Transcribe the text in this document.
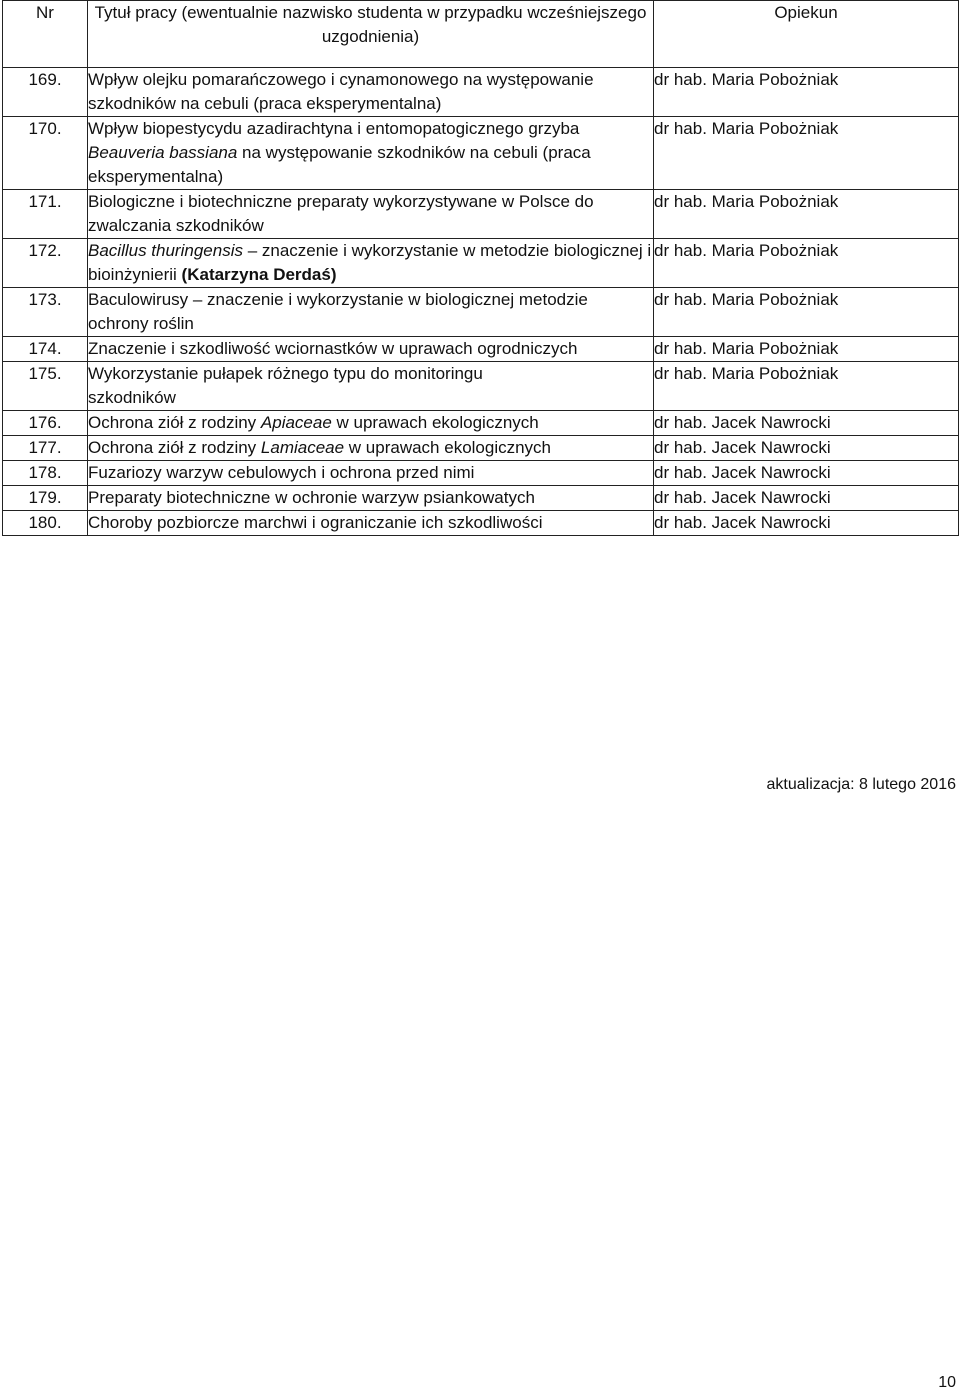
Nr	Tytuł pracy (ewentualnie nazwisko studenta w przypadku wcześniejszego uzgodnienia)	Opiekun
169.	Wpływ olejku pomarańczowego i cynamonowego na występowanie szkodników na cebuli (praca eksperymentalna)	dr hab. Maria Pobożniak
170.	Wpływ biopestycydu azadirachtyna i entomopatogicznego grzyba Beauveria bassiana na występowanie szkodników na cebuli (praca eksperymentalna)	dr hab. Maria Pobożniak
171.	Biologiczne i biotechniczne preparaty wykorzystywane w Polsce do zwalczania szkodników	dr hab. Maria Pobożniak
172.	Bacillus thuringensis – znaczenie i wykorzystanie w metodzie biologicznej i bioinżynierii (Katarzyna Derdaś)	dr hab. Maria Pobożniak
173.	Baculowirusy – znaczenie i wykorzystanie w biologicznej metodzie ochrony roślin	dr hab. Maria Pobożniak
174.	Znaczenie i szkodliwość wciornastków w uprawach ogrodniczych	dr hab. Maria Pobożniak
175.	Wykorzystanie pułapek różnego typu do monitoringu szkodników	dr hab. Maria Pobożniak
176.	Ochrona ziół z rodziny Apiaceae w uprawach ekologicznych	dr hab. Jacek Nawrocki
177.	Ochrona ziół z rodziny Lamiaceae w uprawach ekologicznych	dr hab. Jacek Nawrocki
178.	Fuzariozy warzyw cebulowych i ochrona przed nimi	dr hab. Jacek Nawrocki
179.	Preparaty biotechniczne w ochronie warzyw psiankowatych	dr hab. Jacek Nawrocki
180.	Choroby pozbiorcze marchwi i ograniczanie ich szkodliwości	dr hab. Jacek Nawrocki
aktualizacja: 8 lutego 2016
10
